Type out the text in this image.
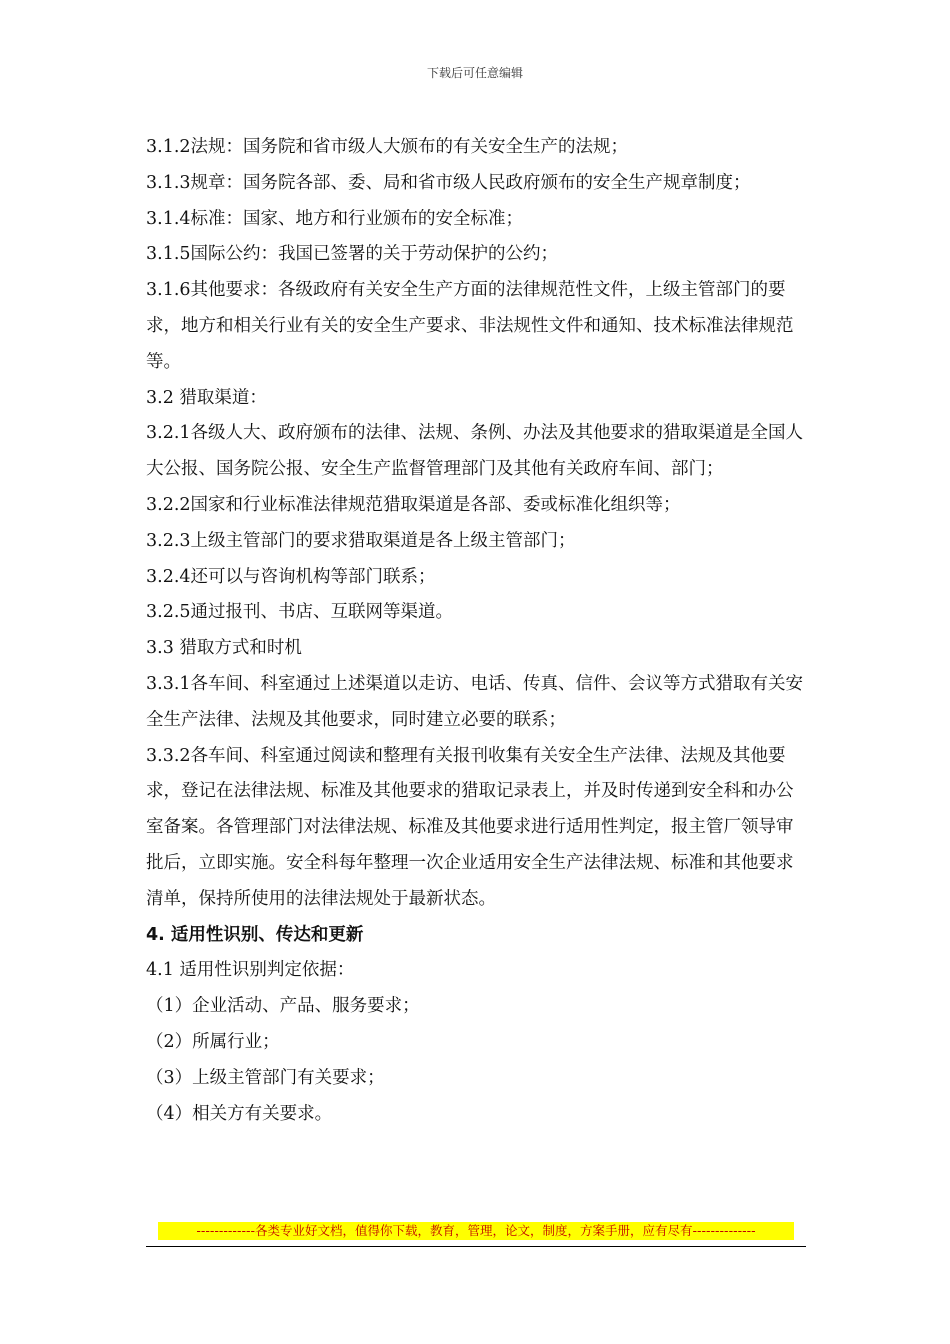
下载后可任意编辑

3.1.2法规：国务院和省市级人大颁布的有关安全生产的法规；

3.1.3规章：国务院各部、委、局和省市级人民政府颁布的安全生产规章制度；

3.1.4标准：国家、地方和行业颁布的安全标准；

3.1.5国际公约：我国已签署的关于劳动保护的公约；

3.1.6其他要求：各级政府有关安全生产方面的法律规范性文件，上级主管部门的要求，地方和相关行业有关的安全生产要求、非法规性文件和通知、技术标准法律规范等。

3.2 猎取渠道：

3.2.1各级人大、政府颁布的法律、法规、条例、办法及其他要求的猎取渠道是全国人大公报、国务院公报、安全生产监督管理部门及其他有关政府车间、部门；

3.2.2国家和行业标准法律规范猎取渠道是各部、委或标准化组织等；

3.2.3上级主管部门的要求猎取渠道是各上级主管部门；

3.2.4还可以与咨询机构等部门联系；

3.2.5通过报刊、书店、互联网等渠道。

3.3 猎取方式和时机

3.3.1各车间、科室通过上述渠道以走访、电话、传真、信件、会议等方式猎取有关安全生产法律、法规及其他要求，同时建立必要的联系；

3.3.2各车间、科室通过阅读和整理有关报刊收集有关安全生产法律、法规及其他要求，登记在法律法规、标准及其他要求的猎取记录表上，并及时传递到安全科和办公室备案。各管理部门对法律法规、标准及其他要求进行适用性判定，报主管厂领导审批后，立即实施。安全科每年整理一次企业适用安全生产法律法规、标准和其他要求清单，保持所使用的法律法规处于最新状态。

4. 适用性识别、传达和更新

4.1 适用性识别判定依据：

（1）企业活动、产品、服务要求；

（2）所属行业；

（3）上级主管部门有关要求；

（4）相关方有关要求。

-------------各类专业好文档，值得你下载，教育，管理，论文，制度，方案手册，应有尽有--------------
